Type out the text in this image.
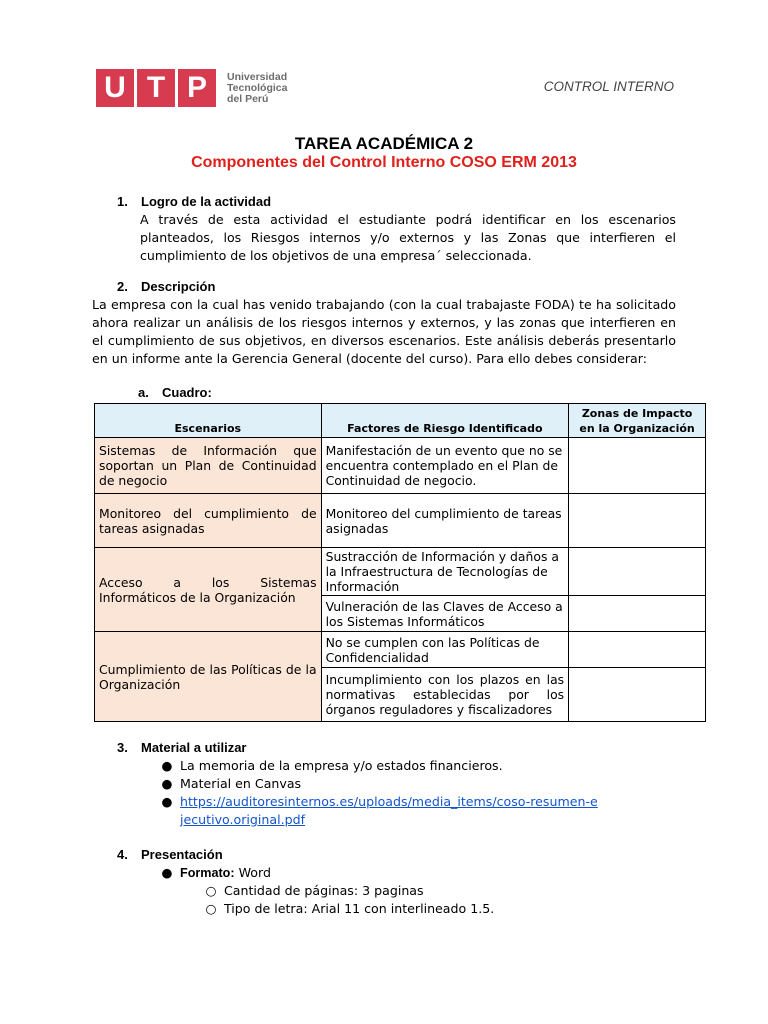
U T P	Universidad
Tecnológica
del Perú
CONTROL INTERNO
TAREA ACADÉMICA 2
Componentes del Control Interno COSO ERM 2013
1. Logro de la actividad
A través de esta actividad el estudiante podrá identificar en los escenarios planteados, los Riesgos internos y/o externos y las Zonas que interfieren el cumplimiento de los objetivos de una empresa´ seleccionada.
2. Descripción
La empresa con la cual has venido trabajando (con la cual trabajaste FODA) te ha solicitado ahora realizar un análisis de los riesgos internos y externos, y las zonas que interfieren en el cumplimiento de sus objetivos, en diversos escenarios. Este análisis deberás presentarlo en un informe ante la Gerencia General (docente del curso). Para ello debes considerar:
a. Cuadro:
Escenarios	Factores de Riesgo Identificado	Zonas de Impacto en la Organización
Sistemas de Información que soportan un Plan de Continuidad de negocio	Manifestación de un evento que no se encuentra contemplado en el Plan de Continuidad de negocio.	
Monitoreo del cumplimiento de tareas asignadas	Monitoreo del cumplimiento de tareas asignadas	
Acceso a los Sistemas Informáticos de la Organización	Sustracción de Información y daños a la Infraestructura de Tecnologías de Información	
	Vulneración de las Claves de Acceso a los Sistemas Informáticos	
Cumplimiento de las Políticas de la Organización	No se cumplen con las Políticas de Confidencialidad	
	Incumplimiento con los plazos en las normativas establecidas por los órganos reguladores y fiscalizadores	
3. Material a utilizar
● La memoria de la empresa y/o estados financieros.
● Material en Canvas
● https://auditoresinternos.es/uploads/media_items/coso-resumen-ejecutivo.original.pdf
4. Presentación
● Formato: Word
○ Cantidad de páginas: 3 paginas
○ Tipo de letra: Arial 11 con interlineado 1.5.
